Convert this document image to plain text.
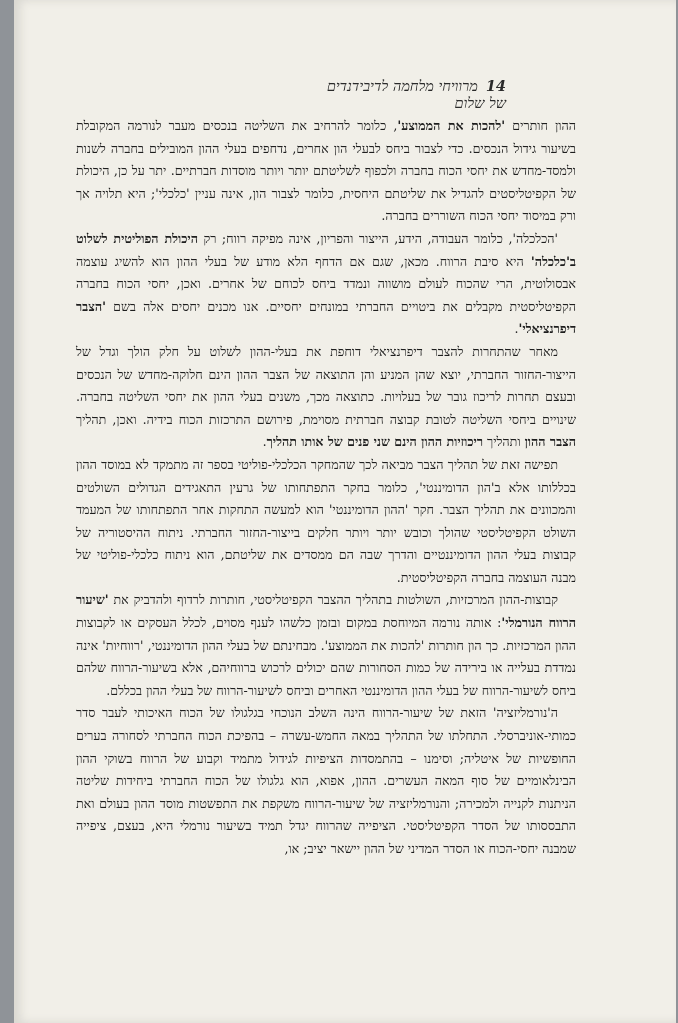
14מרוויחי מלחמה לדיבידנדים של שלום

ההון חותרים 'להכות את הממוצע', כלומר להרחיב את השליטה בנכסים מעבר לנורמה המקובלת בשיעור גידול הנכסים. כדי לצבור ביחס לבעלי הון אחרים, נדחפים בעלי ההון המובילים בחברה לשנות ולמסד-מחדש את יחסי הכוח בחברה ולכפוף לשליטתם יותר ויותר מוסדות חברתיים. יתר על כן, היכולת של הקפיטליסטים להגדיל את שליטתם היחסית, כלומר לצבור הון, אינה עניין 'כלכלי'; היא תלויה אך ורק במיסוד יחסי הכוח השוררים בחברה.

'הכלכלה', כלומר העבודה, הידע, הייצור והפריון, אינה מפיקה רווח; רק היכולת הפוליטית לשלוט ב'כלכלה' היא סיבת הרווח. מכאן, שגם אם הדחף הלא מודע של בעלי ההון הוא להשיג עוצמה אבסולוטית, הרי שהכוח לעולם מושווה ונמדד ביחס לכוחם של אחרים. ואכן, יחסי הכוח בחברה הקפיטליסטית מקבלים את ביטויים החברתי במונחים יחסיים. אנו מכנים יחסים אלה בשם 'הצבר דיפרנציאלי'.

מאחר שהתחרות להצבר דיפרנציאלי דוחפת את בעלי-ההון לשלוט על חלק הולך וגדל של הייצור-החזור החברתי, יוצא שהן המניע והן התוצאה של הצבר ההון הינם חלוקה-מחדש של הנכסים ובעצם תחרות לריכוז גובר של בעלויות. כתוצאה מכך, משנים בעלי ההון את יחסי השליטה בחברה. שינויים ביחסי השליטה לטובת קבוצה חברתית מסוימת, פירושם התרכזות הכוח בידיה. ואכן, תהליך הצבר ההון ותהליך ריכוזיות ההון הינם שני פנים של אותו תהליך.

תפישה זאת של תהליך הצבר מביאה לכך שהמחקר הכלכלי-פוליטי בספר זה מתמקד לא במוסד ההון בכללותו אלא ב'הון הדומיננטי', כלומר בחקר התפתחותו של גרעין התאגידים הגדולים השולטים והמכוונים את תהליך הצבר. חקר 'ההון הדומיננטי' הוא למעשה התחקות אחר התפתחותו של המעמד השולט הקפיטליסטי שהולך וכובש יותר ויותר חלקים בייצור-החזור החברתי. ניתוח ההיסטוריה של קבוצות בעלי ההון הדומיננטיים והדרך שבה הם ממסדים את שליטתם, הוא ניתוח כלכלי-פוליטי של מבנה העוצמה בחברה הקפיטליסטית.

קבוצות-ההון המרכזיות, השולטות בתהליך ההצבר הקפיטליסטי, חותרות לרדוף ולהדביק את 'שיעור הרווח הנורמלי': אותה נורמה המיוחסת במקום ובזמן כלשהו לענף מסוים, לכלל העסקים או לקבוצות ההון המרכזיות. כך הון חותרות 'להכות את הממוצע'. מבחינתם של בעלי ההון הדומיננטי, 'רווחיות' אינה נמדדת בעלייה או בירידה של כמות הסחורות שהם יכולים לרכוש ברווחיהם, אלא בשיעור-הרווח שלהם ביחס לשיעור-הרווח של בעלי ההון הדומיננטי האחרים וביחס לשיעור-הרווח של בעלי ההון בכללם.

ה'נורמליזציה' הזאת של שיעור-הרווח הינה השלב הנוכחי בגלגולו של הכוח האיכותי לעבר סדר כמותי-אוניברסלי. התחלתו של התהליך במאה החמש-עשרה – בהפיכת הכוח החברתי לסחורה בערים החופשיות של איטליה; וסימנו – בהתמסדות הציפיות לגידול מתמיד וקבוע של הרווח בשוקי ההון הבינלאומיים של סוף המאה העשרים. ההון, אפוא, הוא גלגולו של הכוח החברתי ביחידות שליטה הניתנות לקנייה ולמכירה; והנורמליזציה של שיעור-הרווח משקפת את התפשטות מוסד ההון בעולם ואת התבססותו של הסדר הקפיטליסטי. הציפייה שהרווח יגדל תמיד בשיעור נורמלי היא, בעצם, ציפייה שמבנה יחסי-הכוח או הסדר המדיני של ההון יישאר יציב; או,
